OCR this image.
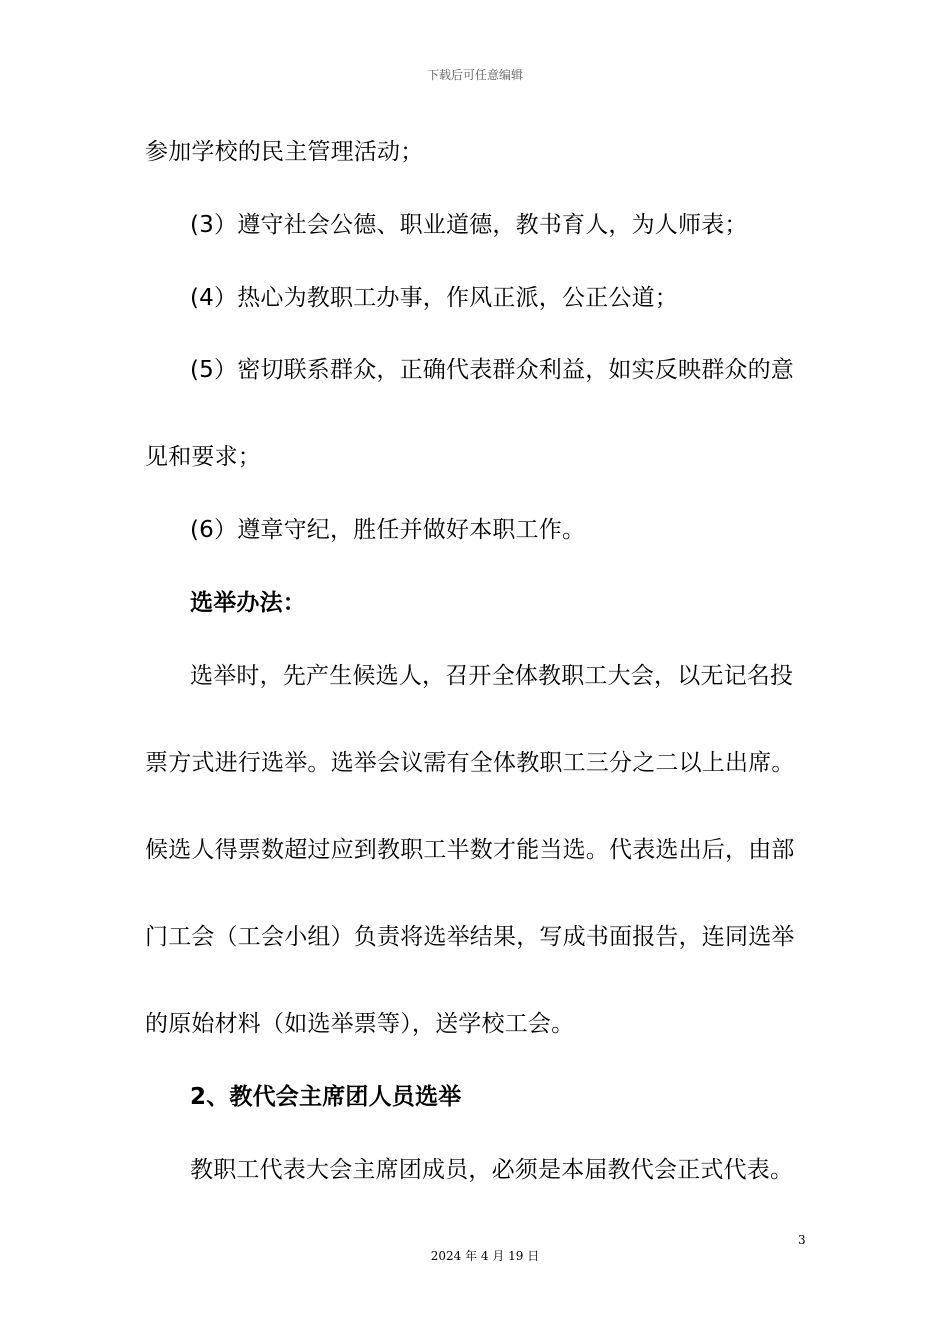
下载后可任意编辑
参加学校的民主管理活动；
(3）遵守社会公德、职业道德，教书育人，为人师表；
(4）热心为教职工办事，作风正派，公正公道；
(5）密切联系群众，正确代表群众利益，如实反映群众的意
见和要求；
(6）遵章守纪，胜任并做好本职工作。
选举办法：
选举时，先产生候选人，召开全体教职工大会，以无记名投
票方式进行选举。选举会议需有全体教职工三分之二以上出席。
候选人得票数超过应到教职工半数才能当选。代表选出后，由部
门工会（工会小组）负责将选举结果，写成书面报告，连同选举
的原始材料（如选举票等），送学校工会。
2、教代会主席团人员选举
教职工代表大会主席团成员，必须是本届教代会正式代表。
3
2024 年 4 月 19 日
